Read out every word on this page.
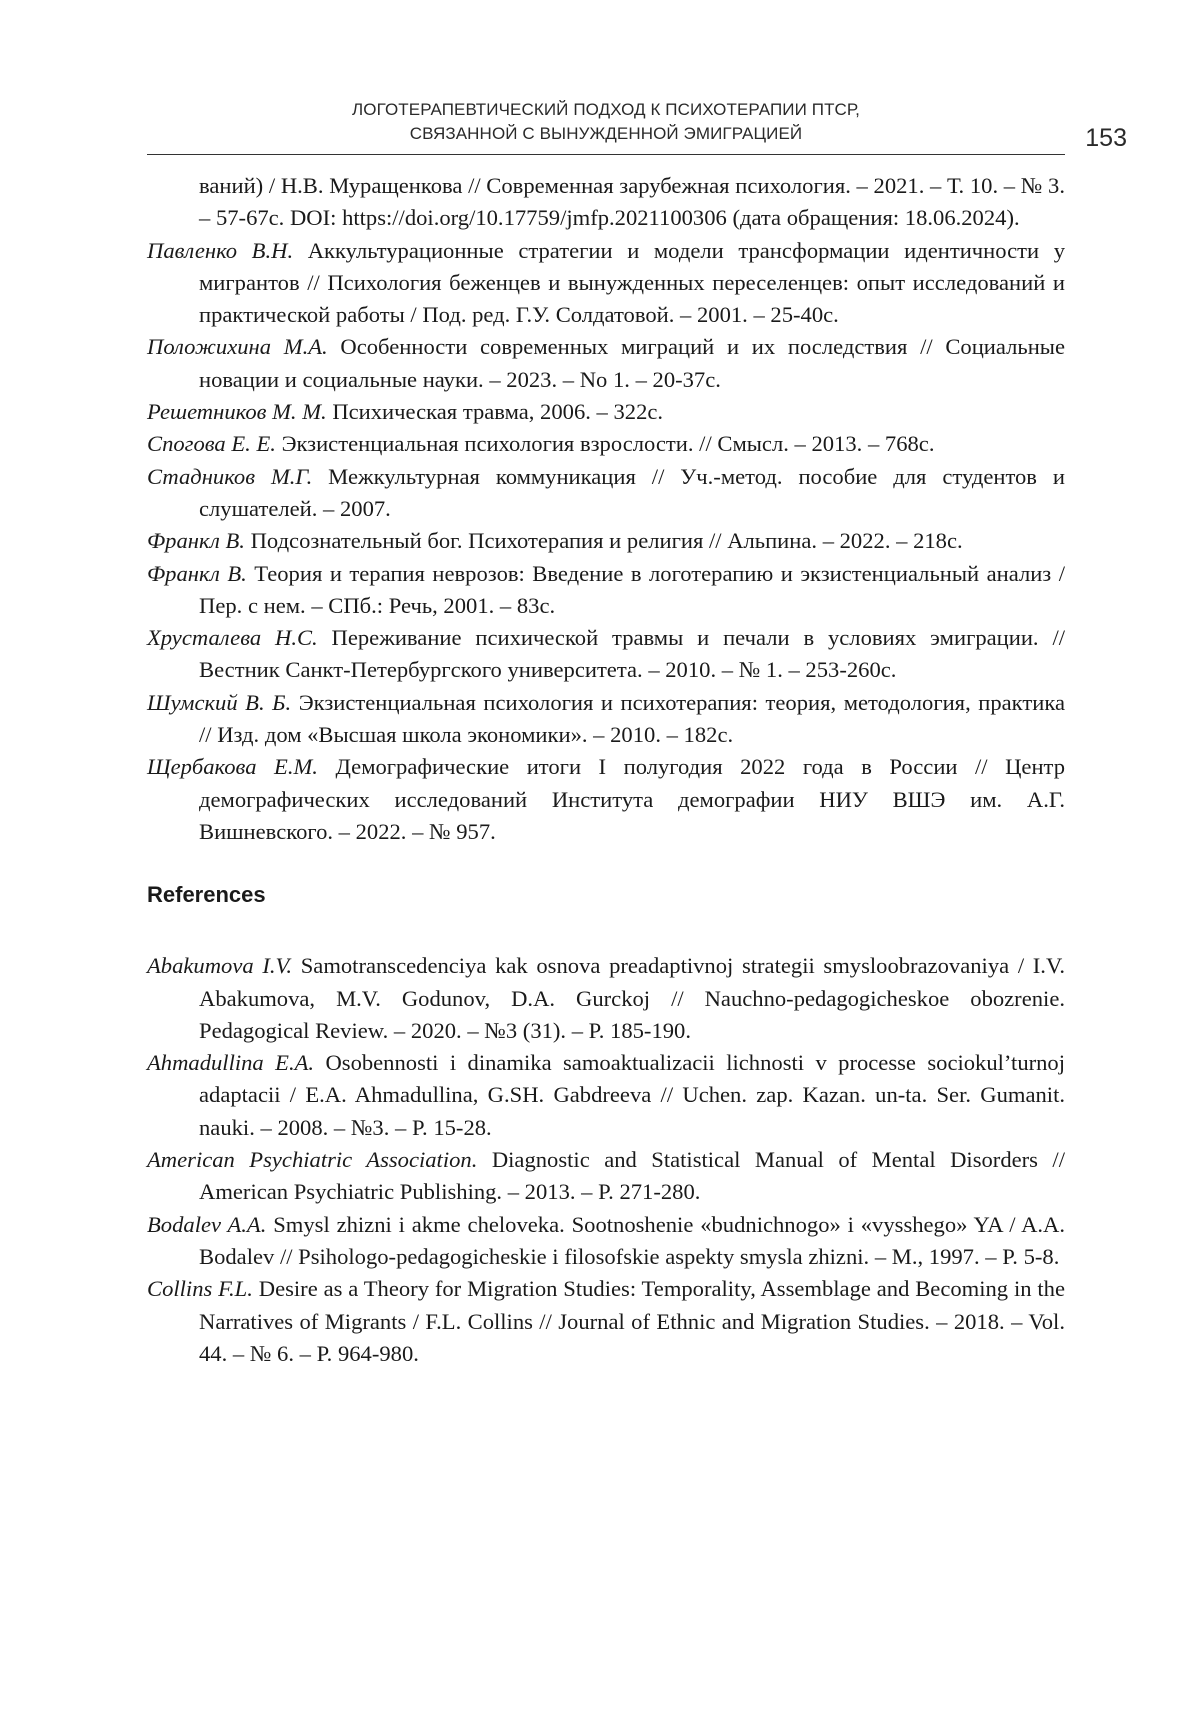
ЛОГОТЕРАПЕВТИЧЕСКИЙ ПОДХОД К ПСИХОТЕРАПИИ ПТСР,
СВЯЗАННОЙ С ВЫНУЖДЕННОЙ ЭМИГРАЦИЕЙ	153

ваний) / Н.В. Муращенкова // Современная зарубежная психология. – 2021. – Т. 10. – № 3. – 57-67с. DOI: https://doi.org/10.17759/jmfp.2021100306 (дата обращения: 18.06.2024).

Павленко В.Н. Аккультурационные стратегии и модели трансформации идентичности у мигрантов // Психология беженцев и вынужденных переселенцев: опыт исследований и практической работы / Под. ред. Г.У. Солдатовой. – 2001. – 25-40с.

Положихина М.А. Особенности современных миграций и их последствия // Социальные новации и социальные науки. – 2023. – No 1. – 20-37с.

Решетников М. М. Психическая травма, 2006. – 322с.

Спогова Е. Е. Экзистенциальная психология взрослости. // Смысл. – 2013. – 768с.

Стадников М.Г. Межкультурная коммуникация // Уч.-метод. пособие для студентов и слушателей. – 2007.

Франкл В. Подсознательный бог. Психотерапия и религия // Альпина. – 2022. – 218с.

Франкл В. Теория и терапия неврозов: Введение в логотерапию и экзистенциальный анализ / Пер. с нем. – СПб.: Речь, 2001. – 83с.

Хрусталева Н.С. Переживание психической травмы и печали в условиях эмиграции. // Вестник Санкт-Петербургского университета. – 2010. – № 1. – 253-260с.

Шумский В. Б. Экзистенциальная психология и психотерапия: теория, методология, практика // Изд. дом «Высшая школа экономики». – 2010. – 182с.

Щербакова Е.М. Демографические итоги I полугодия 2022 года в России // Центр демографических исследований Института демографии НИУ ВШЭ им. А.Г. Вишневского. – 2022. – № 957.

References

Abakumova I.V. Samotranscedenciya kak osnova preadaptivnoj strategii smysloobrazovaniya / I.V. Abakumova, M.V. Godunov, D.A. Gurckoj // Nauchno-pedagogicheskoe obozrenie. Pedagogical Review. – 2020. – №3 (31). – P. 185-190.

Ahmadullina E.A. Osobennosti i dinamika samoaktualizacii lichnosti v processe sociokul’turnoj adaptacii / E.A. Ahmadullina, G.SH. Gabdreeva // Uchen. zap. Kazan. un-ta. Ser. Gumanit. nauki. – 2008. – №3. – P. 15-28.

American Psychiatric Association. Diagnostic and Statistical Manual of Mental Disorders // American Psychiatric Publishing. – 2013. – P. 271-280.

Bodalev A.A. Smysl zhizni i akme cheloveka. Sootnoshenie «budnichnogo» i «vysshego» YA / A.A. Bodalev // Psihologo-pedagogicheskie i filosofskie aspekty smysla zhizni. – M., 1997. – P. 5-8.

Collins F.L. Desire as a Theory for Migration Studies: Temporality, Assemblage and Becoming in the Narratives of Migrants / F.L. Collins // Journal of Ethnic and Migration Studies. – 2018. – Vol. 44. – № 6. – P. 964-980.
